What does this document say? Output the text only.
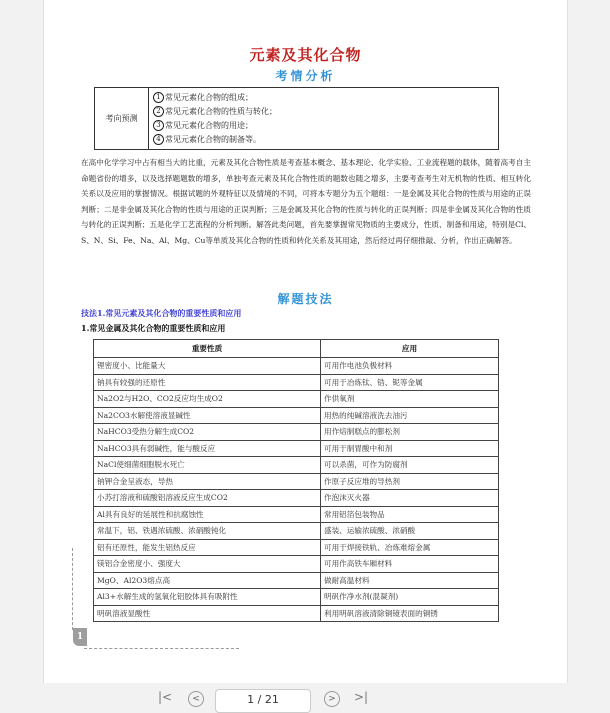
元素及其化合物
考情分析
考向预测	
1 常见元素化合物的组成；
2 常见元素化合物的性质与转化；
3 常见元素化合物的用途；
4 常见元素化合物的制备等。
在高中化学学习中占有相当大的比重，元素及其化合物性质是考查基本概念、基本理论、化学实验、工业流程题的载体，随着高考自主命题省份的增多，以及选择题题数的增多，单独考查元素及其化合物性质的题数也随之增多，主要考查考生对无机物的性质、相互转化关系以及应用的掌握情况。根据试题的外观特征以及情境的不同，可将本专题分为五个题组：一是金属及其化合物的性质与用途的正误判断；二是非金属及其化合物的性质与用途的正误判断；三是金属及其化合物的性质与转化的正误判断；四是非金属及其化合物的性质与转化的正误判断；五是化学工艺流程的分析判断。解答此类问题，首先要掌握常见物质的主要成分，性质、制备和用途，特别是Cl、S、N、Si、Fe、Na、Al、Mg、Cu等单质及其化合物的性质和转化关系及其用途，然后经过再仔细推敲、分析，作出正确解答。
解题技法
技法1.常见元素及其化合物的重要性质和应用
1.常见金属及其化合物的重要性质和应用
重要性质	应用
锂密度小、比能量大	可用作电池负极材料
钠具有较强的还原性	可用于冶炼钛、锆、铌等金属
Na2O2与H2O、CO2反应均生成O2	作供氧剂
Na2CO3水解使溶液显碱性	用热的纯碱溶液洗去油污
NaHCO3受热分解生成CO2	用作焙制糕点的膨松剂
NaHCO3具有弱碱性，能与酸反应	可用于制胃酸中和剂
NaCl使细菌细胞脱水死亡	可以杀菌，可作为防腐剂
钠钾合金呈液态，导热	作原子反应堆的导热剂
小苏打溶液和硫酸铝溶液反应生成CO2	作泡沫灭火器
Al具有良好的延展性和抗腐蚀性	常用铝箔包装物品
常温下，铝、铁遇浓硫酸、浓硝酸钝化	盛装、运输浓硫酸、浓硝酸
铝有还原性，能发生铝热反应	可用于焊接铁轨、冶炼难熔金属
镁铝合金密度小、强度大	可用作高铁车厢材料
MgO、Al2O3熔点高	做耐高温材料
Al3+水解生成的氢氧化铝胶体具有吸附性	明矾作净水剂(混凝剂)
明矾溶液显酸性	利用明矾溶液清除铜镜表面的铜锈
1
|<	<	1 / 21	>	>|
